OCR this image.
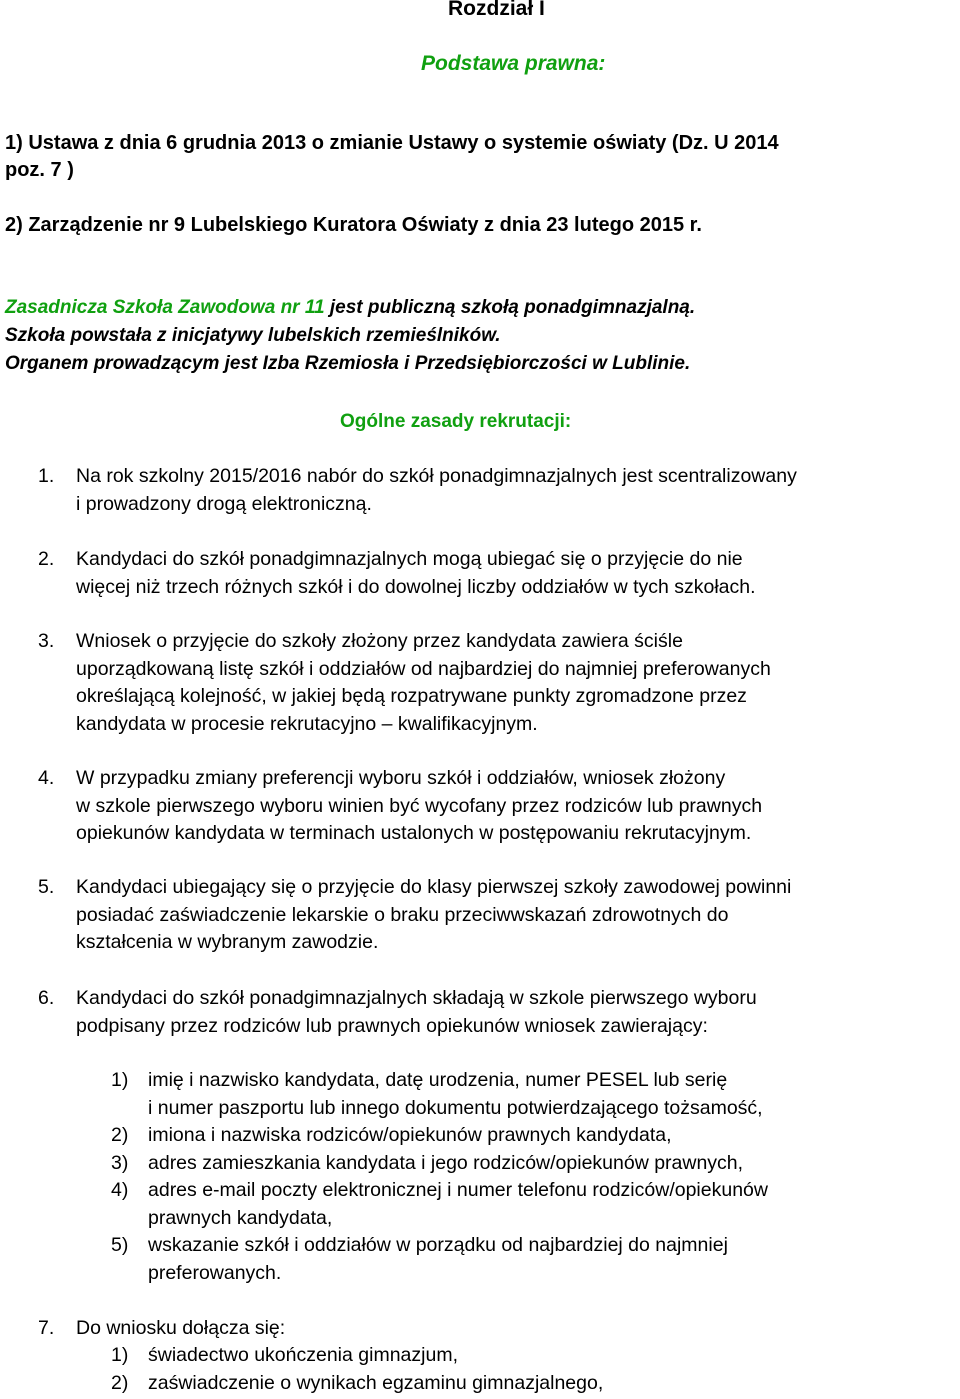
Rozdział I
Podstawa prawna:
1) Ustawa z dnia 6 grudnia 2013 o zmianie Ustawy o systemie oświaty (Dz. U 2014
poz. 7 )
2) Zarządzenie nr 9 Lubelskiego Kuratora Oświaty z dnia 23 lutego 2015 r.
Zasadnicza Szkoła Zawodowa nr 11 jest publiczną szkołą ponadgimnazjalną.
Szkoła powstała z inicjatywy lubelskich rzemieślników.
Organem prowadzącym jest Izba Rzemiosła i Przedsiębiorczości w Lublinie.
Ogólne zasady rekrutacji:
1. Na rok szkolny 2015/2016 nabór do szkół ponadgimnazjalnych jest scentralizowany
i prowadzony drogą elektroniczną.
2. Kandydaci do szkół ponadgimnazjalnych mogą ubiegać się o przyjęcie do nie
więcej niż trzech różnych szkół i do dowolnej liczby oddziałów w tych szkołach.
3. Wniosek o przyjęcie do szkoły złożony przez kandydata zawiera ściśle
uporządkowaną listę szkół i oddziałów od najbardziej do najmniej preferowanych
określającą kolejność, w jakiej będą rozpatrywane punkty zgromadzone przez
kandydata w procesie rekrutacyjno – kwalifikacyjnym.
4. W przypadku zmiany preferencji wyboru szkół i oddziałów, wniosek złożony
w szkole pierwszego wyboru winien być wycofany przez rodziców lub prawnych
opiekunów kandydata w terminach ustalonych w postępowaniu rekrutacyjnym.
5. Kandydaci ubiegający się o przyjęcie do klasy pierwszej szkoły zawodowej powinni
posiadać zaświadczenie lekarskie o braku przeciwwskazań zdrowotnych do
kształcenia w wybranym zawodzie.
6. Kandydaci do szkół ponadgimnazjalnych składają w szkole pierwszego wyboru
podpisany przez rodziców lub prawnych opiekunów wniosek zawierający:
1) imię i nazwisko kandydata, datę urodzenia, numer PESEL lub serię
i numer paszportu lub innego dokumentu potwierdzającego tożsamość,
2) imiona i nazwiska rodziców/opiekunów prawnych kandydata,
3) adres zamieszkania kandydata i jego rodziców/opiekunów prawnych,
4) adres e-mail poczty elektronicznej i numer telefonu rodziców/opiekunów
prawnych kandydata,
5) wskazanie szkół i oddziałów w porządku od najbardziej do najmniej
preferowanych.
7. Do wniosku dołącza się:
1) świadectwo ukończenia gimnazjum,
2) zaświadczenie o wynikach egzaminu gimnazjalnego,
